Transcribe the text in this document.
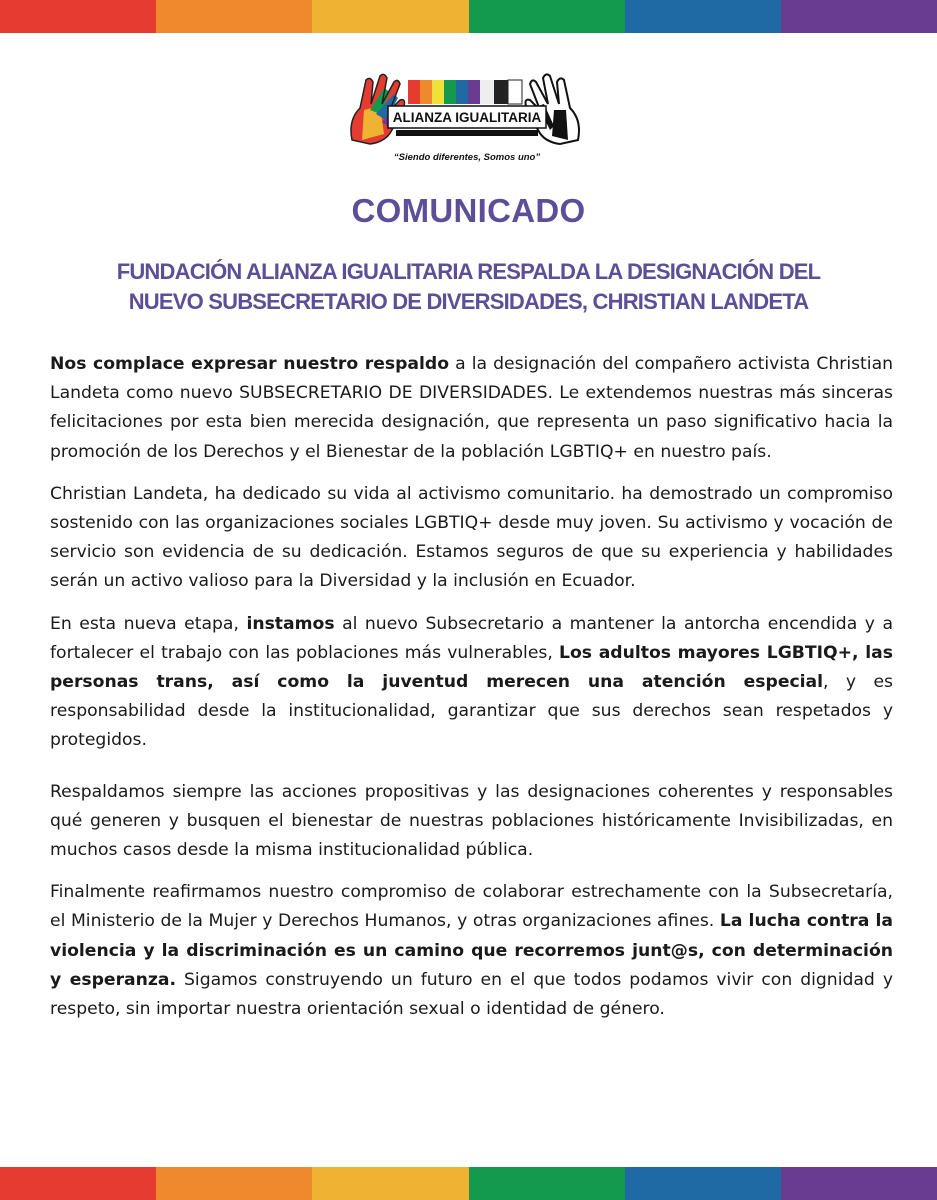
ALIANZA IGUALITARIA
“Siendo diferentes, Somos uno”
COMUNICADO
FUNDACIÓN ALIANZA IGUALITARIA RESPALDA LA DESIGNACIÓN DEL
NUEVO SUBSECRETARIO DE DIVERSIDADES, CHRISTIAN LANDETA

Nos complace expresar nuestro respaldo a la designación del compañero activista Christian Landeta como nuevo SUBSECRETARIO DE DIVERSIDADES. Le extendemos nuestras más sinceras felicitaciones por esta bien merecida designación, que representa un paso significativo hacia la promoción de los Derechos y el Bienestar de la población LGBTIQ+ en nuestro país.

Christian Landeta, ha dedicado su vida al activismo comunitario. ha demostrado un compromiso sostenido con las organizaciones sociales LGBTIQ+ desde muy joven. Su activismo y vocación de servicio son evidencia de su dedicación. Estamos seguros de que su experiencia y habilidades serán un activo valioso para la Diversidad y la inclusión en Ecuador.

En esta nueva etapa, instamos al nuevo Subsecretario a mantener la antorcha encendida y a fortalecer el trabajo con las poblaciones más vulnerables, Los adultos mayores LGBTIQ+, las personas trans, así como la juventud merecen una atención especial, y es responsabilidad desde la institucionalidad, garantizar que sus derechos sean respetados y protegidos.

Respaldamos siempre las acciones propositivas y las designaciones coherentes y responsables qué generen y busquen el bienestar de nuestras poblaciones históricamente Invisibilizadas, en muchos casos desde la misma institucionalidad pública.

Finalmente reafirmamos nuestro compromiso de colaborar estrechamente con la Subsecretaría, el Ministerio de la Mujer y Derechos Humanos, y otras organizaciones afines. La lucha contra la violencia y la discriminación es un camino que recorremos junt@s, con determinación y esperanza. Sigamos construyendo un futuro en el que todos podamos vivir con dignidad y respeto, sin importar nuestra orientación sexual o identidad de género.
